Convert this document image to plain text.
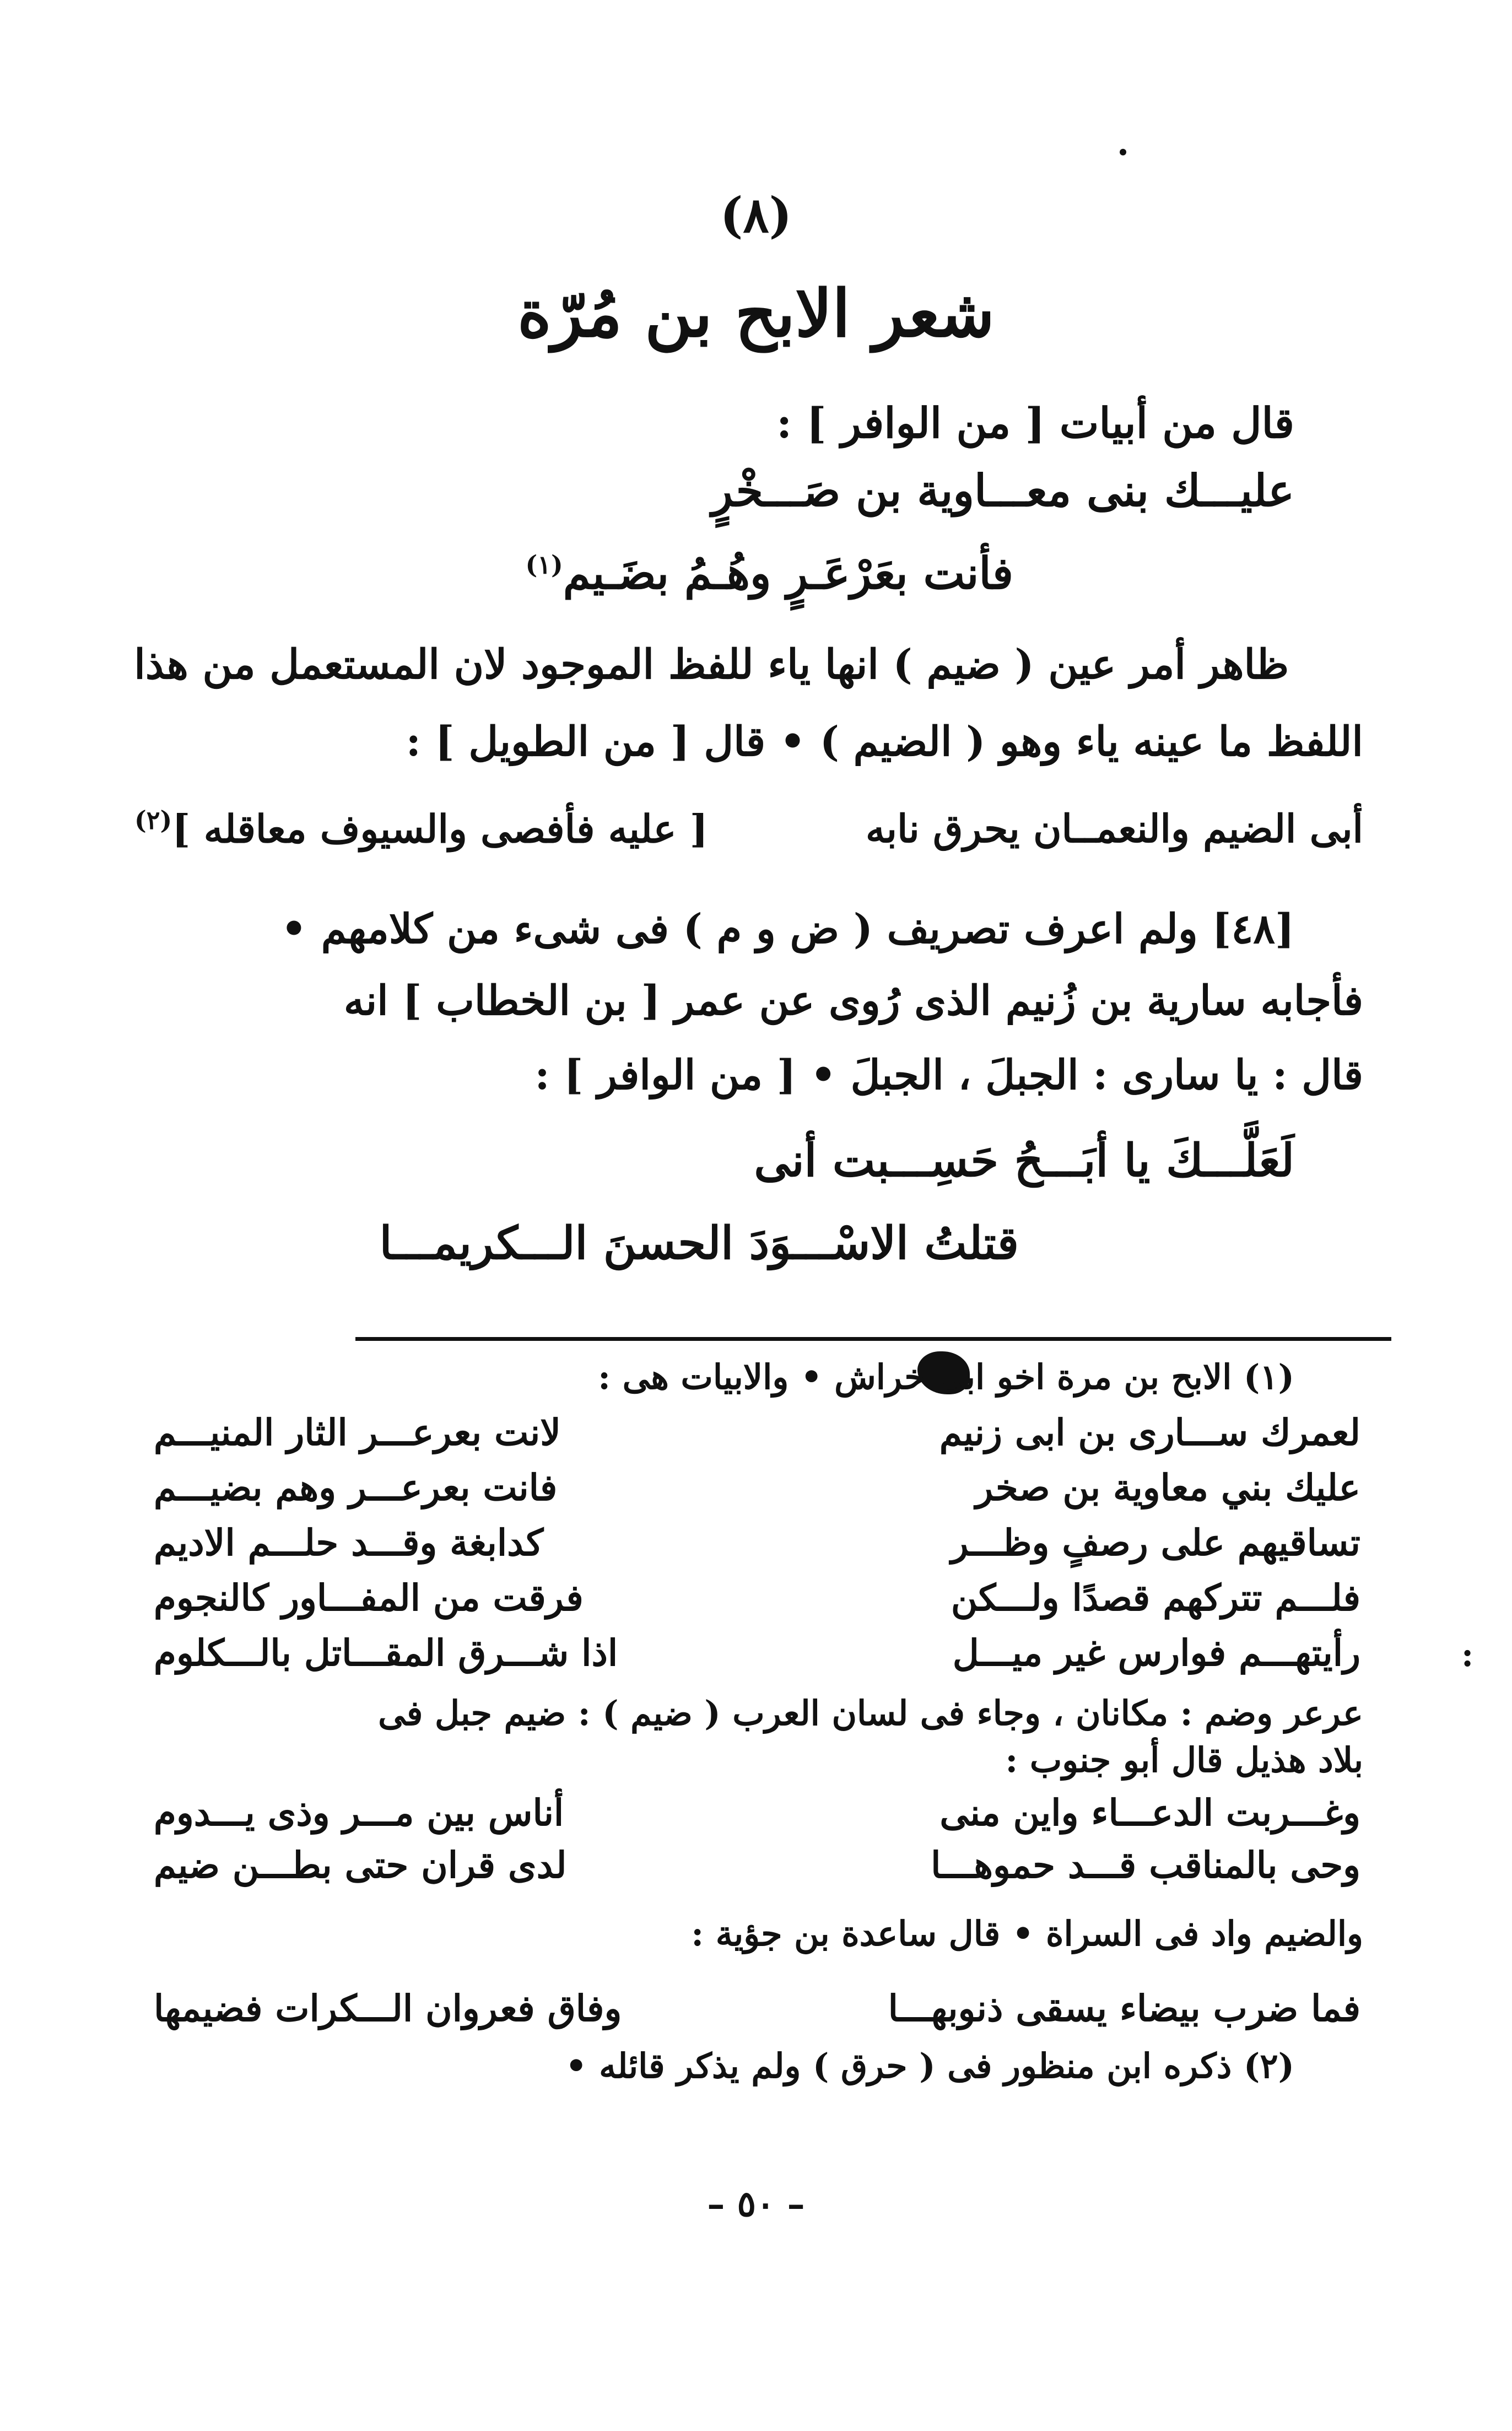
(٨)
شعر الابح بن مُرّة
قال من أبيات [ من الوافر ] :
عليـــك بنى معـــاوية بن صَـــخْرٍ
فأنت بعَرْعَـرٍ وهُـمُ بضَـيم$^{(١)}$
ظاهر أمر عين ( ضيم ) انها ياء للفظ الموجود لان المستعمل من هذا
اللفظ ما عينه ياء وهو ( الضيم ) • قال [ من الطويل ] :
أبى الضيم والنعمــان يحرق نابه
[ عليه فأفصى والسيوف معاقله ]$^{(٢)}$
[٤٨] ولم اعرف تصريف ( ض و م ) فى شىء من كلامهم •
فأجابه سارية بن زُنيم الذى رُوى عن عمر [ بن الخطاب ] انه
قال : يا سارى : الجبلَ ، الجبلَ • [ من الوافر ] :
لَعَلَّـــكَ يا أبَـــحُ حَسِـــبت أنى
قتلتُ الاسْـــوَدَ الحسنَ الـــكريمـــا
(١) الابح بن مرة اخو ابى خراش • والابيات هى :
لعمرك ســـارى بن ابى زنيم
لانت بعرعـــر الثار المنيـــم
عليك بني معاوية بن صخر
فانت بعرعـــر وهم بضيـــم
تساقيهم على رصفٍ وظـــر
كدابغة وقـــد حلـــم الاديم
فلـــم تتركهم قصدًا ولـــكن
فرقت من المفـــاور كالنجوم
رأيتهـــم فوارس غير ميـــل
اذا شـــرق المقـــاتل بالـــكلوم	:
عرعر وضم : مكانان ، وجاء فى لسان العرب ( ضيم ) : ضيم جبل فى
بلاد هذيل قال أبو جنوب :
وغـــربت الدعـــاء واين منى
أناس بين مـــر وذى يـــدوم
وحى بالمناقب قـــد حموهـــا
لدى قران حتى بطـــن ضيم
والضيم واد فى السراة • قال ساعدة بن جؤية :
فما ضرب بيضاء يسقى ذنوبهـــا
وفاق فعروان الـــكرات فضيمها
(٢) ذكره ابن منظور فى ( حرق ) ولم يذكر قائله •
– ٥٠ –
